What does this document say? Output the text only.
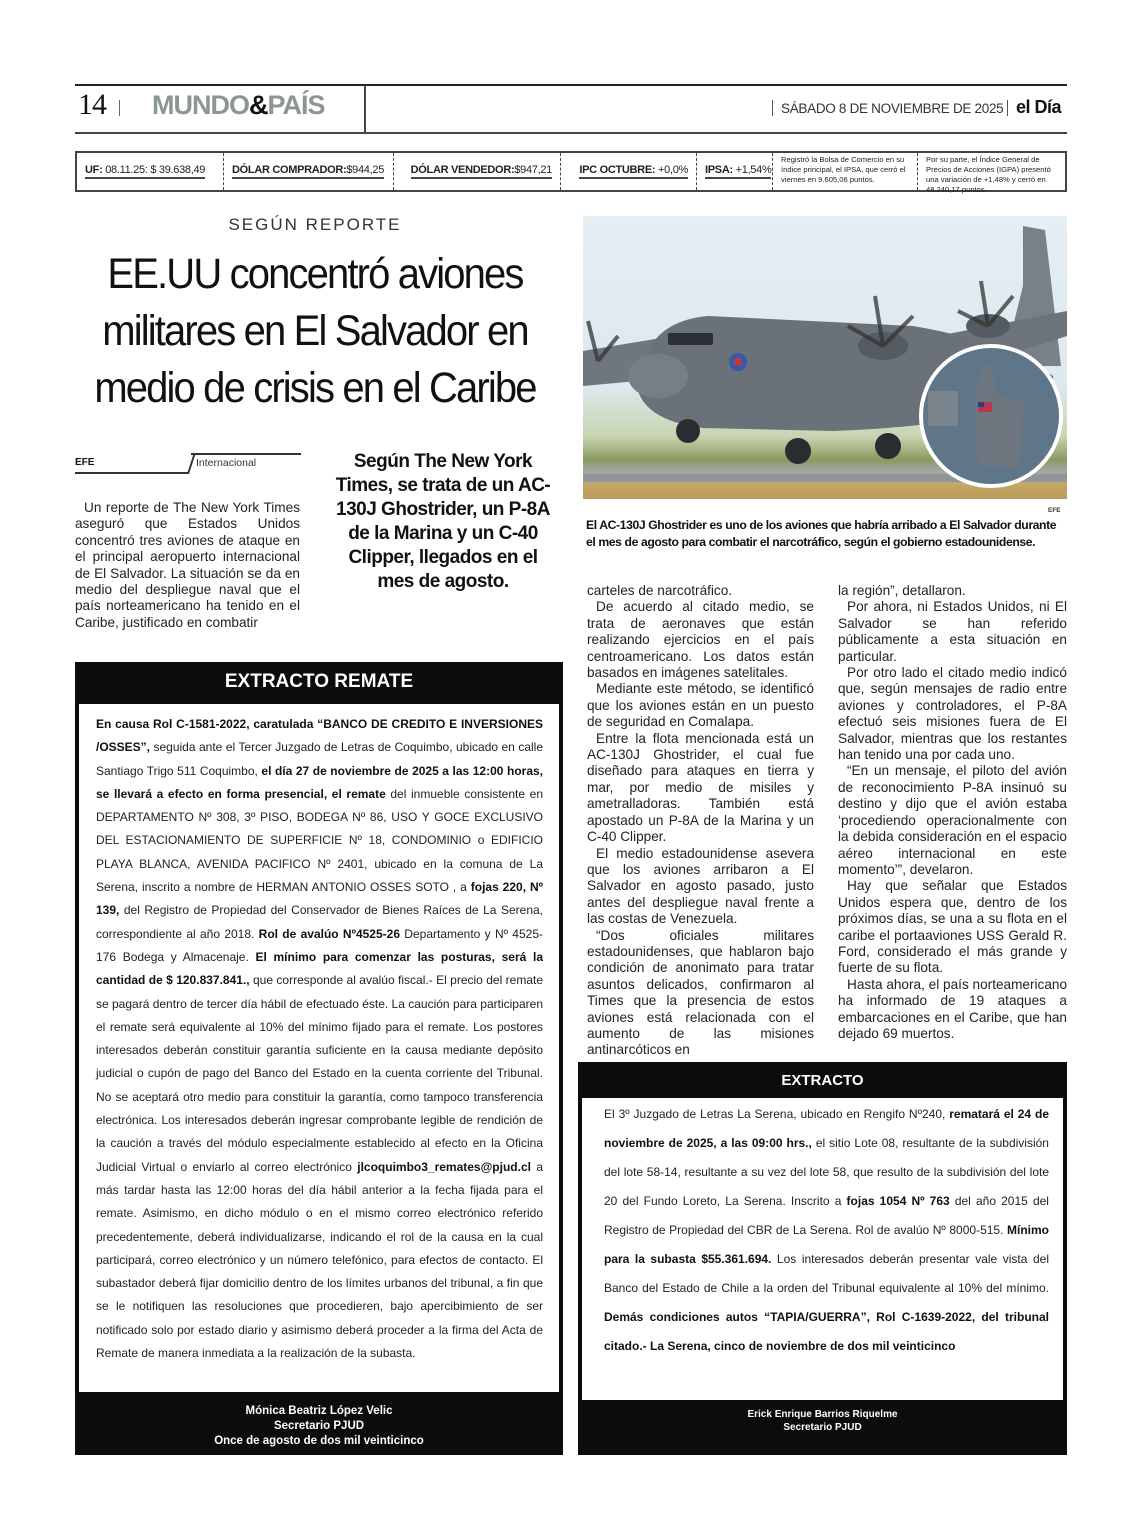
14 MUNDO&PAÍS	SÁBADO 8 DE NOVIEMBRE DE 2025 el Día
UF: 08.11.25: $ 39.638,49 DÓLAR COMPRADOR:$944,25 DÓLAR VENDEDOR:$947,21 IPC OCTUBRE: +0,0% IPSA: +1,54%
Registró la Bolsa de Comercio en su índice principal, el IPSA, que cerró el viernes en 9.605,06 puntos.
Por su parte, el Índice General de Precios de Acciones (IGPA) presentó una variación de +1,48% y cerró en 48.240,17 puntos.
SEGÚN REPORTE
EE.UU concentró aviones militares en El Salvador en medio de crisis en el Caribe
EFE	Internacional

Un reporte de The New York Times aseguró que Estados Unidos concentró tres aviones de ataque en el principal aeropuerto internacional de El Salvador. La situación se da en medio del despliegue naval que el país norteamericano ha tenido en el Caribe, justificado en combatir

Según The New York Times, se trata de un AC-130J Ghostrider, un P-8A de la Marina y un C-40 Clipper, llegados en el mes de agosto.
EFE
El AC-130J Ghostrider es uno de los aviones que habría arribado a El Salvador durante el mes de agosto para combatir el narcotráfico, según el gobierno estadounidense.

carteles de narcotráfico.

De acuerdo al citado medio, se trata de aeronaves que están realizando ejercicios en el país centroamericano. Los datos están basados en imágenes satelitales.

Mediante este método, se identificó que los aviones están en un puesto de seguridad en Comalapa.

Entre la flota mencionada está un AC-130J Ghostrider, el cual fue diseñado para ataques en tierra y mar, por medio de misiles y ametralladoras. También está apostado un P-8A de la Marina y un C-40 Clipper.

El medio estadounidense asevera que los aviones arribaron a El Salvador en agosto pasado, justo antes del despliegue naval frente a las costas de Venezuela.

“Dos oficiales militares estadounidenses, que hablaron bajo condición de anonimato para tratar asuntos delicados, confirmaron al Times que la presencia de estos aviones está relacionada con el aumento de las misiones antinarcóticos en

la región”, detallaron.

Por ahora, ni Estados Unidos, ni El Salvador se han referido públicamente a esta situación en particular.

Por otro lado el citado medio indicó que, según mensajes de radio entre aviones y controladores, el P-8A efectuó seis misiones fuera de El Salvador, mientras que los restantes han tenido una por cada uno.

“En un mensaje, el piloto del avión de reconocimiento P-8A insinuó su destino y dijo que el avión estaba ‘procediendo operacionalmente con la debida consideración en el espacio aéreo internacional en este momento’”, develaron.

Hay que señalar que Estados Unidos espera que, dentro de los próximos días, se una a su flota en el caribe el portaaviones USS Gerald R. Ford, considerado el más grande y fuerte de su flota.

Hasta ahora, el país norteamericano ha informado de 19 ataques a embarcaciones en el Caribe, que han dejado 69 muertos.

EXTRACTO REMATE
En causa Rol C-1581-2022, caratulada “BANCO DE CREDITO E INVERSIONES /OSSES”, seguida ante el Tercer Juzgado de Letras de Coquimbo, ubicado en calle Santiago Trigo 511 Coquimbo, el día 27 de noviembre de 2025 a las 12:00 horas, se llevará a efecto en forma presencial, el remate del inmueble consistente en DEPARTAMENTO Nº 308, 3º PISO, BODEGA Nº 86, USO Y GOCE EXCLUSIVO DEL ESTACIONAMIENTO DE SUPERFICIE Nº 18, CONDOMINIO o EDIFICIO PLAYA BLANCA, AVENIDA PACIFICO Nº 2401, ubicado en la comuna de La Serena, inscrito a nombre de HERMAN ANTONIO OSSES SOTO , a fojas 220, Nº 139, del Registro de Propiedad del Conservador de Bienes Raíces de La Serena, correspondiente al año 2018. Rol de avalúo Nº4525-26 Departamento y Nº 4525-176 Bodega y Almacenaje. El mínimo para comenzar las posturas, será la cantidad de $ 120.837.841., que corresponde al avalúo fiscal.- El precio del remate se pagará dentro de tercer día hábil de efectuado éste. La caución para participaren el remate será equivalente al 10% del mínimo fijado para el remate. Los postores interesados deberán constituir garantía suficiente en la causa mediante depósito judicial o cupón de pago del Banco del Estado en la cuenta corriente del Tribunal. No se aceptará otro medio para constituir la garantía, como tampoco transferencia electrónica. Los interesados deberán ingresar comprobante legible de rendición de la caución a través del módulo especialmente establecido al efecto en la Oficina Judicial Virtual o enviarlo al correo electrónico jlcoquimbo3_remates@pjud.cl a más tardar hasta las 12:00 horas del día hábil anterior a la fecha fijada para el remate. Asimismo, en dicho módulo o en el mismo correo electrónico referido precedentemente, deberá individualizarse, indicando el rol de la causa en la cual participará, correo electrónico y un número telefónico, para efectos de contacto. El subastador deberá fijar domicilio dentro de los límites urbanos del tribunal, a fin que se le notifiquen las resoluciones que procedieren, bajo apercibimiento de ser notificado solo por estado diario y asimismo deberá proceder a la firma del Acta de Remate de manera inmediata a la realización de la subasta.
Mónica Beatriz López Velic
Secretario PJUD
Once de agosto de dos mil veinticinco
EXTRACTO
El 3º Juzgado de Letras La Serena, ubicado en Rengifo Nº240, rematará el 24 de noviembre de 2025, a las 09:00 hrs., el sitio Lote 08, resultante de la subdivisión del lote 58-14, resultante a su vez del lote 58, que resulto de la subdivisión del lote 20 del Fundo Loreto, La Serena. Inscrito a fojas 1054 Nº 763 del año 2015 del Registro de Propiedad del CBR de La Serena. Rol de avalúo Nº 8000-515. Mínimo para la subasta $55.361.694. Los interesados deberán presentar vale vista del Banco del Estado de Chile a la orden del Tribunal equivalente al 10% del mínimo. Demás condiciones autos “TAPIA/GUERRA”, Rol C-1639-2022, del tribunal citado.- La Serena, cinco de noviembre de dos mil veinticinco
Erick Enrique Barrios Riquelme
Secretario PJUD
